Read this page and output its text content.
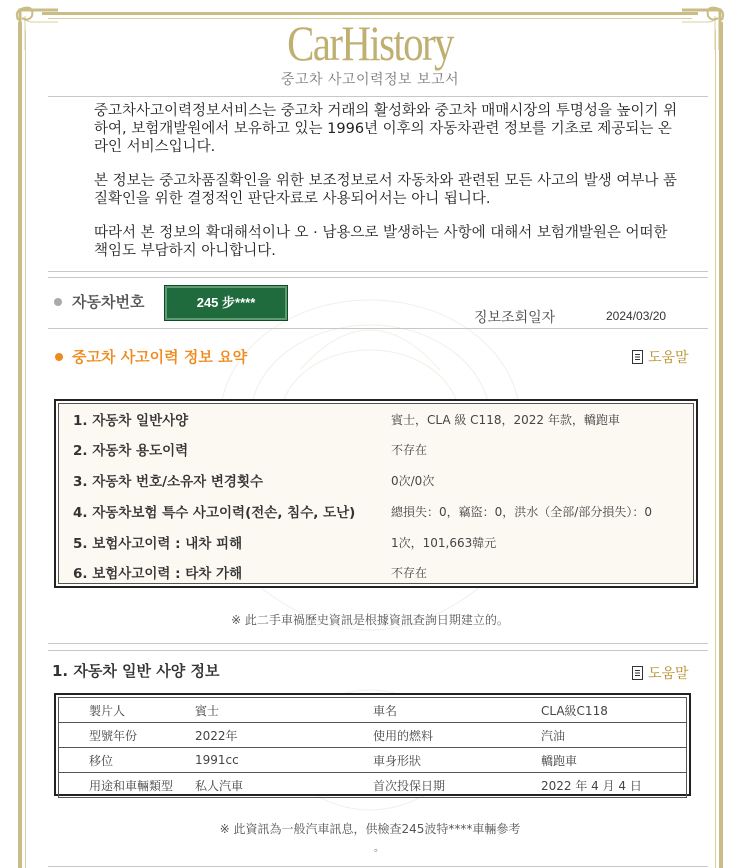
CarHistory
중고차 사고이력정보 보고서

중고차사고이력정보서비스는 중고차 거래의 활성화와 중고차 매매시장의 투명성을 높이기 위하여, 보험개발원에서 보유하고 있는 1996년 이후의 자동차관련 정보를 기초로 제공되는 온라인 서비스입니다.

본 정보는 중고차품질확인을 위한 보조정보로서 자동차와 관련된 모든 사고의 발생 여부나 품질확인을 위한 결정적인 판단자료로 사용되어서는 아니 됩니다.

따라서 본 정보의 확대해석이나 오 · 남용으로 발생하는 사항에 대해서 보험개발원은 어떠한 책임도 부담하지 아니합니다.

자동차번호	245 步****
징보조회일자	2024/03/20
중고차 사고이력 정보 요약	도움말
1. 자동차 일반사양	賓士，CLA 級 C118，2022 年款，轎跑車
2. 자동차 용도이력	不存在
3. 자동차 번호/소유자 변경횟수	0次/0次
4. 자동차보험 특수 사고이력(전손, 침수, 도난)	總損失：0，竊盜：0，洪水（全部/部分損失）：0
5. 보험사고이력 : 내차 피해	1次，101,663韓元
6. 보험사고이력 : 타차 가해	不存在
※ 此二手車禍歷史資訊是根據資訊查詢日期建立的。
1. 자동차 일반 사양 정보	도움말
製片人	賓士	車名	CLA級C118
型號年份	2022年	使用的燃料	汽油
移位	1991cc	車身形狀	轎跑車
用途和車輛類型	私人汽車	首次投保日期	2022 年 4 月 4 日
※ 此資訊為一般汽車訊息，供檢查245波特****車輛參考
。
